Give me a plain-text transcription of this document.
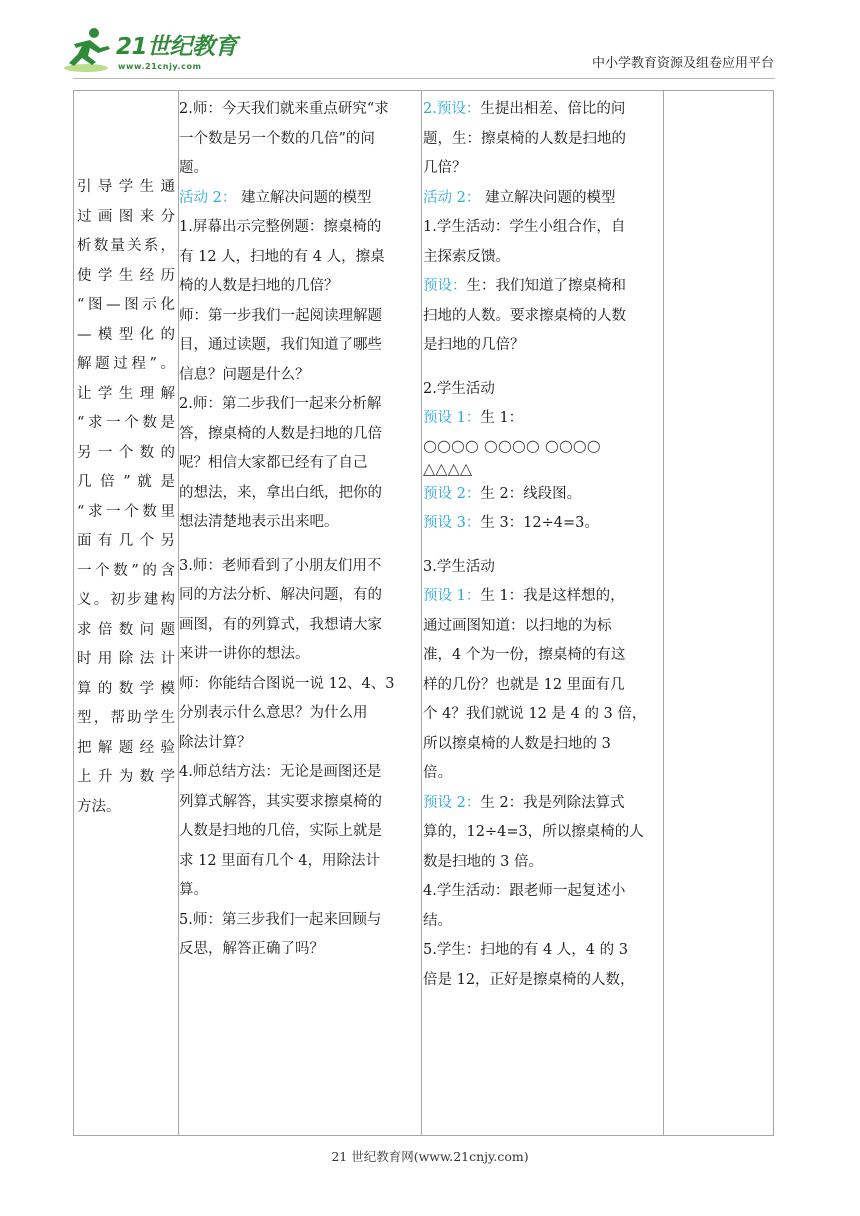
21世纪教育
www.21cnjy.com	中小学教育资源及组卷应用平台
引导学生通
过画图来分
析数量关系，
使学生经历
“图—图示化
—模型化的
解题过程”。
让学生理解
“求一个数是
另一个数的
几 倍 ” 就 是
“求一个数里
面有几个另
一个数”的含
义。初步建构
求倍数问题
时用除法计
算的数学模
型，帮助学生
把解题经验
上升为数学
方法。
2.师：今天我们就来重点研究“求
一个数是另一个数的几倍”的问
题。
活动 2： 建立解决问题的模型
1.屏幕出示完整例题：擦桌椅的
有 12 人，扫地的有 4 人，擦桌
椅的人数是扫地的几倍？
师：第一步我们一起阅读理解题
目，通过读题，我们知道了哪些
信息？问题是什么？
2.师：第二步我们一起来分析解
答，擦桌椅的人数是扫地的几倍
呢？相信大家都已经有了自己
的想法，来，拿出白纸，把你的
想法清楚地表示出来吧。
3.师：老师看到了小朋友们用不
同的方法分析、解决问题，有的
画图，有的列算式，我想请大家
来讲一讲你的想法。
师：你能结合图说一说 12、4、3
分别表示什么意思？为什么用
除法计算？
4.师总结方法：无论是画图还是
列算式解答，其实要求擦桌椅的
人数是扫地的几倍，实际上就是
求 12 里面有几个 4，用除法计
算。
5.师：第三步我们一起来回顾与
反思，解答正确了吗？
2.预设：生提出相差、倍比的问
题，生：擦桌椅的人数是扫地的
几倍？
活动 2： 建立解决问题的模型
1.学生活动：学生小组合作，自
主探索反馈。
预设：生：我们知道了擦桌椅和
扫地的人数。要求擦桌椅的人数
是扫地的几倍？
2.学生活动
预设 1：生 1：
○○○○ ○○○○ ○○○○
△△△△
预设 2：生 2：线段图。
预设 3：生 3：12÷4=3。
3.学生活动
预设 1：生 1：我是这样想的，
通过画图知道：以扫地的为标
准，4 个为一份，擦桌椅的有这
样的几份？也就是 12 里面有几
个 4？我们就说 12 是 4 的 3 倍，
所以擦桌椅的人数是扫地的 3
倍。
预设 2：生 2：我是列除法算式
算的，12÷4=3，所以擦桌椅的人
数是扫地的 3 倍。
4.学生活动：跟老师一起复述小
结。
5.学生：扫地的有 4 人，4 的 3
倍是 12，正好是擦桌椅的人数，
21 世纪教育网(www.21cnjy.com)
